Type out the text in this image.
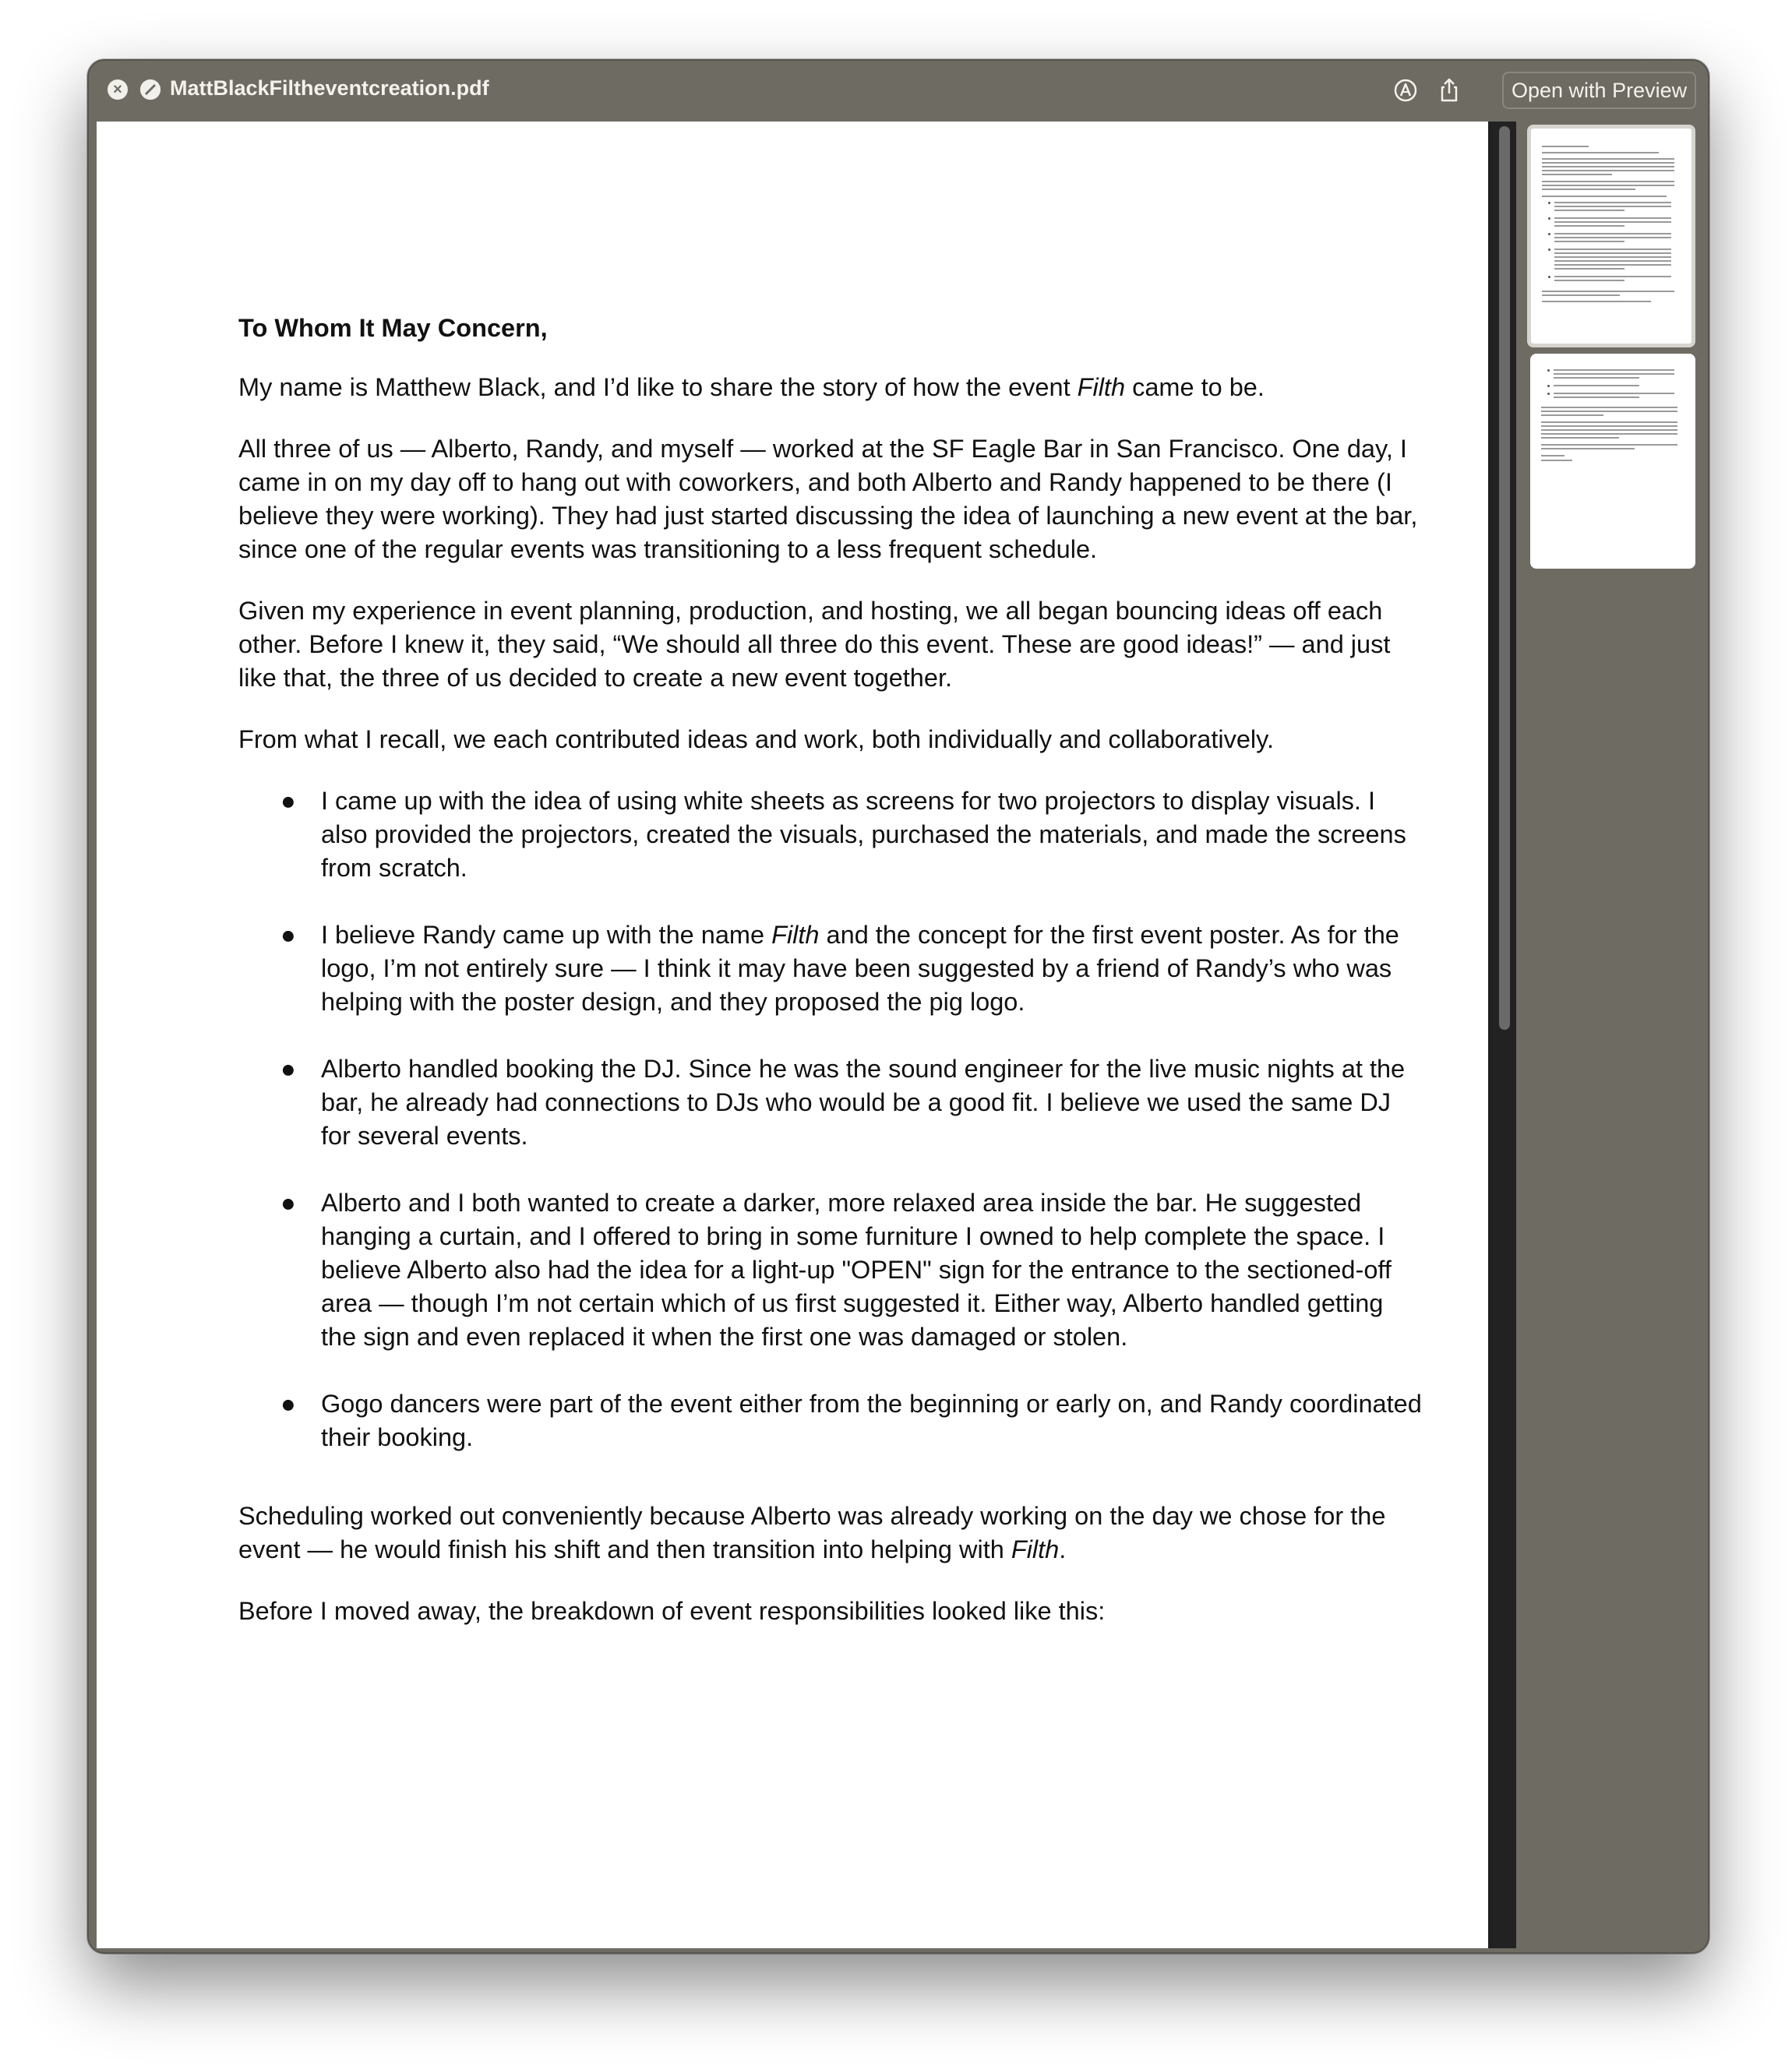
× MattBlackFiltheventcreation.pdf	Open with Preview

To Whom It May Concern,

My name is Matthew Black, and I’d like to share the story of how the event Filth came to be.

All three of us — Alberto, Randy, and myself — worked at the SF Eagle Bar in San Francisco. One day, I came in on my day off to hang out with coworkers, and both Alberto and Randy happened to be there (I believe they were working). They had just started discussing the idea of launching a new event at the bar, since one of the regular events was transitioning to a less frequent schedule.

Given my experience in event planning, production, and hosting, we all began bouncing ideas off each other. Before I knew it, they said, “We should all three do this event. These are good ideas!” — and just like that, the three of us decided to create a new event together.

From what I recall, we each contributed ideas and work, both individually and collaboratively.

● I came up with the idea of using white sheets as screens for two projectors to display visuals. I also provided the projectors, created the visuals, purchased the materials, and made the screens from scratch.
● I believe Randy came up with the name Filth and the concept for the first event poster. As for the logo, I’m not entirely sure — I think it may have been suggested by a friend of Randy’s who was helping with the poster design, and they proposed the pig logo.
● Alberto handled booking the DJ. Since he was the sound engineer for the live music nights at the bar, he already had connections to DJs who would be a good fit. I believe we used the same DJ for several events.
● Alberto and I both wanted to create a darker, more relaxed area inside the bar. He suggested hanging a curtain, and I offered to bring in some furniture I owned to help complete the space. I believe Alberto also had the idea for a light-up "OPEN" sign for the entrance to the sectioned-off area — though I’m not certain which of us first suggested it. Either way, Alberto handled getting the sign and even replaced it when the first one was damaged or stolen.
● Gogo dancers were part of the event either from the beginning or early on, and Randy coordinated their booking.

Scheduling worked out conveniently because Alberto was already working on the day we chose for the event — he would finish his shift and then transition into helping with Filth.

Before I moved away, the breakdown of event responsibilities looked like this:
